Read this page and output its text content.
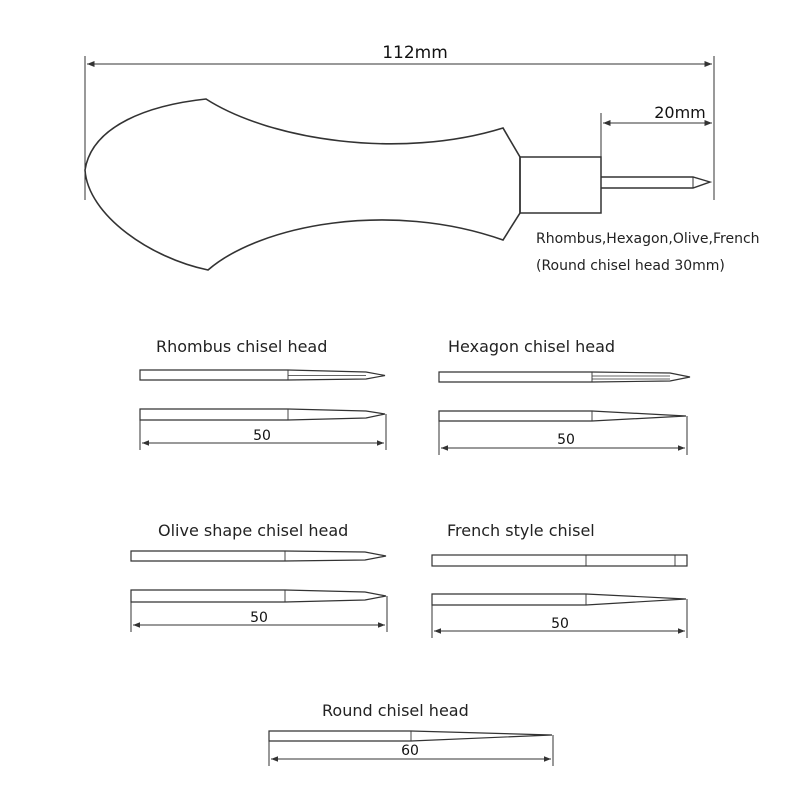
112mm
20mm
Rhombus,Hexagon,Olive,French
(Round chisel head 30mm)
Rhombus chisel head
50
Hexagon chisel head
50
Olive shape chisel head
50
French style chisel
50
Round chisel head
60
